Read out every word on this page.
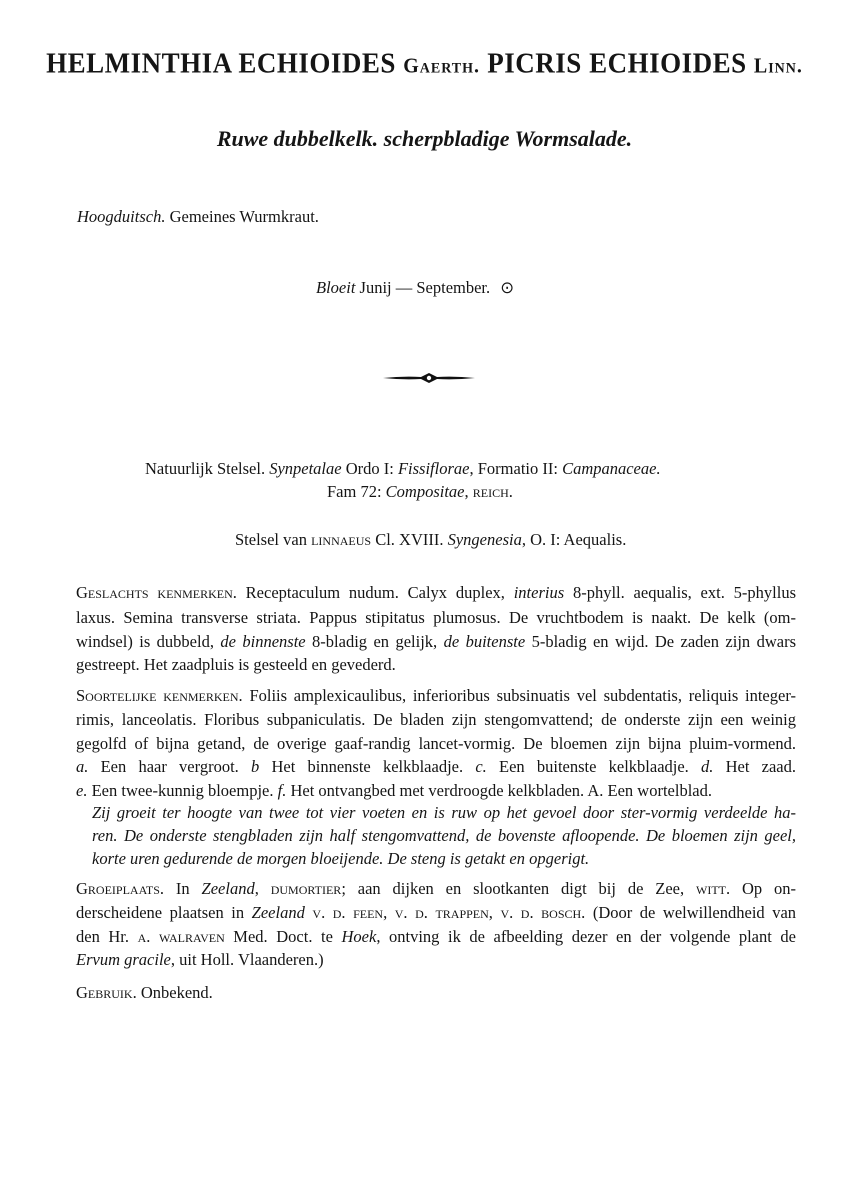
HELMINTHIA ECHIOIDES Gaerth. PICRIS ECHIOIDES Linn.
Ruwe dubbelkelk. scherpbladige Wormsalade.
Hoogduitsch. Gemeines Wurmkraut.
Bloeit Junij — September. ⊙
Natuurlijk Stelsel. Synpetalae Ordo I: Fissiflorae, Formatio II: Campanaceae.
Fam 72: Compositae, reich.
Stelsel van linnaeus Cl. XVIII. Syngenesia, O. I: Aequalis.
Geslachts kenmerken. Receptaculum nudum. Calyx duplex, interius 8-phyll. aequalis, ext. 5-phyllus
laxus. Semina transverse striata. Pappus stipitatus plumosus. De vruchtbodem is naakt. De kelk (om-
windsel) is dubbeld, de binnenste 8-bladig en gelijk, de buitenste 5-bladig en wijd. De zaden zijn dwars
gestreept. Het zaadpluis is gesteeld en gevederd.
Soortelijke kenmerken. Foliis amplexicaulibus, inferioribus subsinuatis vel subdentatis, reliquis integer-
rimis, lanceolatis. Floribus subpaniculatis. De bladen zijn stengomvattend; de onderste zijn een weinig
gegolfd of bijna getand, de overige gaaf-randig lancet-vormig. De bloemen zijn bijna pluim-vormend.
a. Een haar vergroot. b Het binnenste kelkblaadje. c. Een buitenste kelkblaadje. d. Het zaad.
e. Een twee-kunnig bloempje. f. Het ontvangbed met verdroogde kelkbladen. A. Een wortelblad.
Zij groeit ter hoogte van twee tot vier voeten en is ruw op het gevoel door ster-vormig verdeelde ha-
ren. De onderste stengbladen zijn half stengomvattend, de bovenste afloopende. De bloemen zijn geel,
korte uren gedurende de morgen bloeijende. De steng is getakt en opgerigt.
Groeiplaats. In Zeeland, dumortier; aan dijken en slootkanten digt bij de Zee, witt. Op on-
derscheidene plaatsen in Zeeland v. d. feen, v. d. trappen, v. d. bosch. (Door de welwillendheid van
den Hr. a. walraven Med. Doct. te Hoek, ontving ik de afbeelding dezer en der volgende plant de
Ervum gracile, uit Holl. Vlaanderen.)
Gebruik. Onbekend.
